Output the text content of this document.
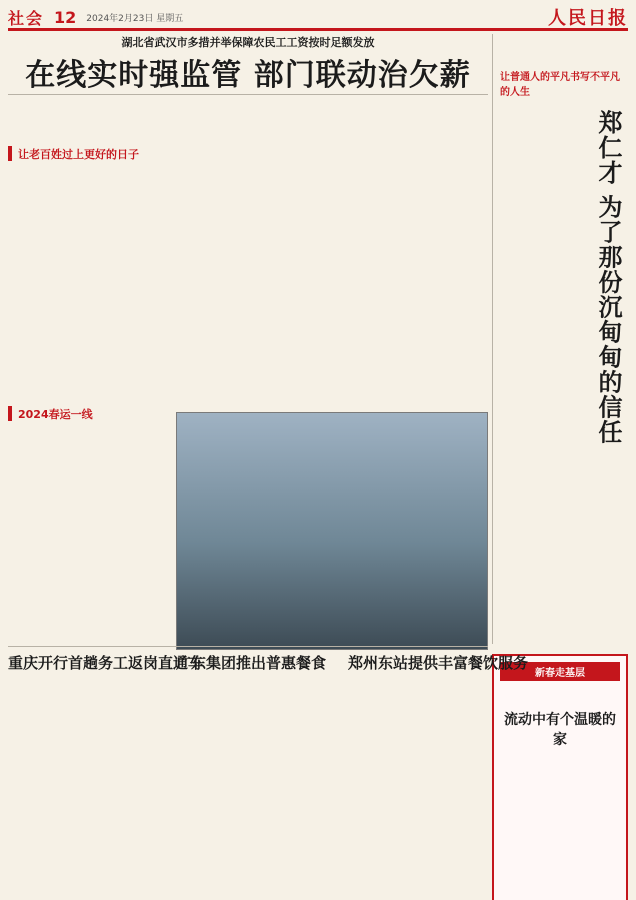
社会 12 2024年2月23日 星期五	人民日报
湖北省武汉市多措并举保障农民工工资按时足额发放
在线实时强监管 部门联动治欠薪
让老百姓过上更好的日子
2024春运一线
让普通人的平凡书写不平凡的人生
郑仁才 为了那份沉甸甸的信任
新春走基层
流动中有个温暖的家
重庆开行首趟务工返岗直通车
广东集团推出普惠餐食 郑州东站提供丰富餐饮服务
